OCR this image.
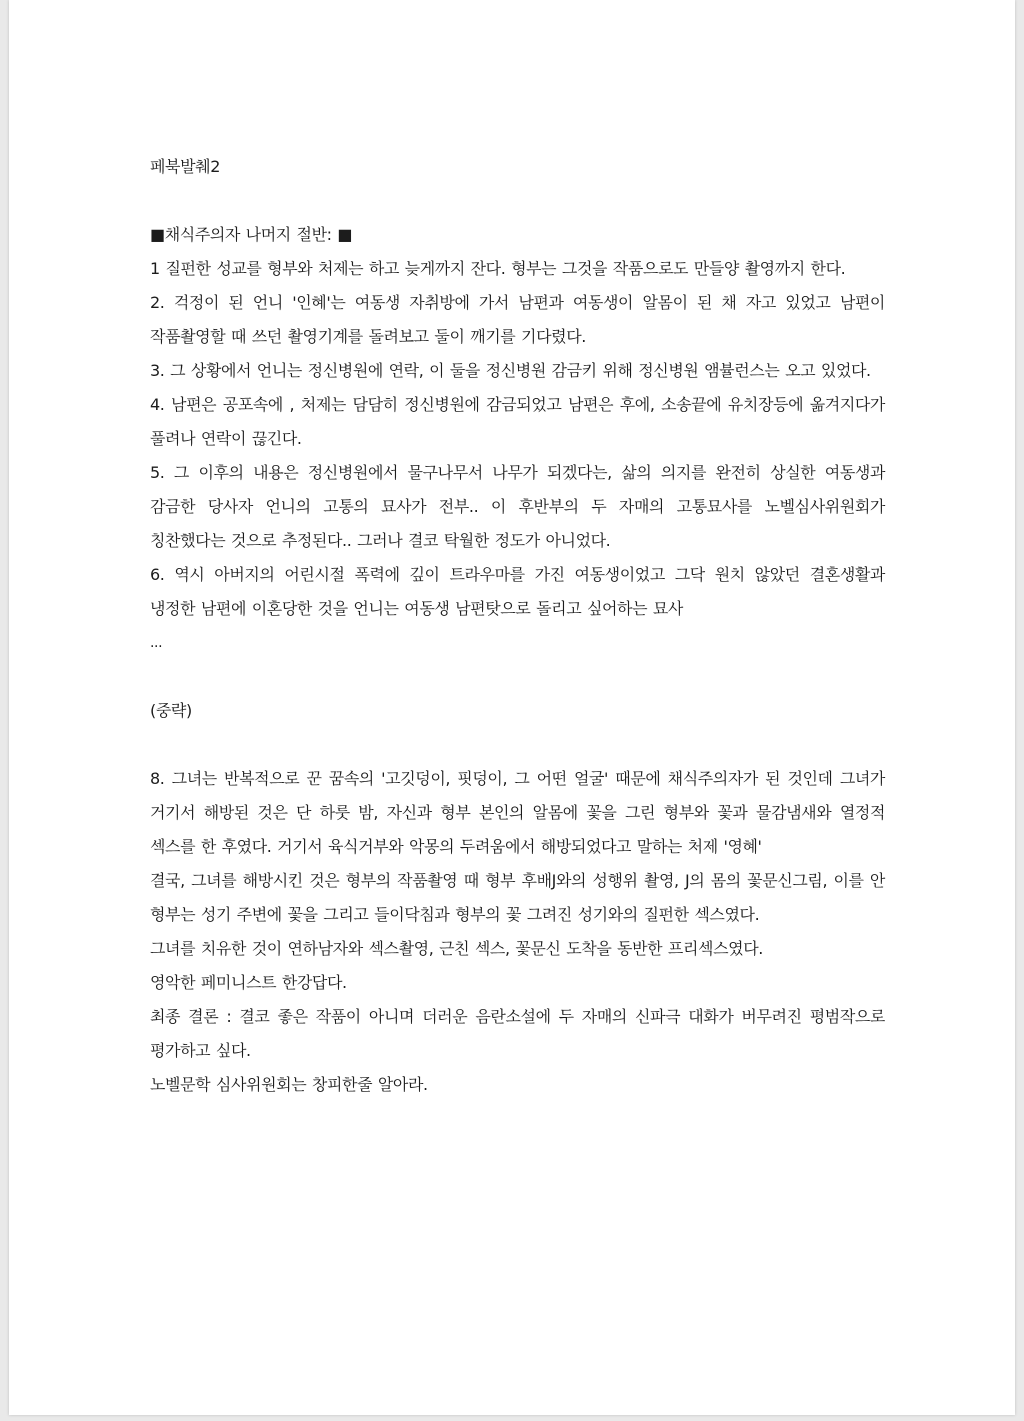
페북발췌2
■채식주의자 나머지 절반: ■
1 질펀한 성교를 형부와 처제는 하고 늦게까지 잔다. 형부는 그것을 작품으로도 만들양 촬영까지 한다.
2. 걱정이 된 언니 '인혜'는 여동생 자취방에 가서 남편과 여동생이 알몸이 된 채 자고 있었고 남편이 작품촬영할 때 쓰던 촬영기계를 돌려보고 둘이 깨기를 기다렸다.
3. 그 상황에서 언니는 정신병원에 연락, 이 둘을 정신병원 감금키 위해 정신병원 앰뷸런스는 오고 있었다.
4. 남편은 공포속에 , 처제는 담담히 정신병원에 감금되었고 남편은 후에, 소송끝에 유치장등에 옮겨지다가 풀려나 연락이 끊긴다.
5. 그 이후의 내용은 정신병원에서 물구나무서 나무가 되겠다는, 삶의 의지를 완전히 상실한 여동생과 감금한 당사자 언니의 고통의 묘사가 전부.. 이 후반부의 두 자매의 고통묘사를 노벨심사위원회가 칭찬했다는 것으로 추정된다.. 그러나 결코 탁월한 정도가 아니었다.
6. 역시 아버지의 어린시절 폭력에 깊이 트라우마를 가진 여동생이었고 그닥 원치 않았던 결혼생활과 냉정한 남편에 이혼당한 것을 언니는 여동생 남편탓으로 돌리고 싶어하는 묘사
...
(중략)
8. 그녀는 반복적으로 꾼 꿈속의 '고깃덩이, 핏덩이, 그 어떤 얼굴' 때문에 채식주의자가 된 것인데 그녀가 거기서 해방된 것은 단 하룻 밤, 자신과 형부 본인의 알몸에 꽃을 그린 형부와 꽃과 물감냄새와 열정적 섹스를 한 후였다. 거기서 육식거부와 악몽의 두려움에서 해방되었다고 말하는 처제 '영혜'
결국, 그녀를 해방시킨 것은 형부의 작품촬영 때 형부 후배J와의 성행위 촬영, J의 몸의 꽃문신그림, 이를 안 형부는 성기 주변에 꽃을 그리고 들이닥침과 형부의 꽃 그려진 성기와의 질펀한 섹스였다.
그녀를 치유한 것이 연하남자와 섹스촬영, 근친 섹스, 꽃문신 도착을 동반한 프리섹스였다.
영악한 페미니스트 한강답다.
최종 결론 : 결코 좋은 작품이 아니며 더러운 음란소설에 두 자매의 신파극 대화가 버무려진 평범작으로 평가하고 싶다.
노벨문학 심사위원회는 창피한줄 알아라.
